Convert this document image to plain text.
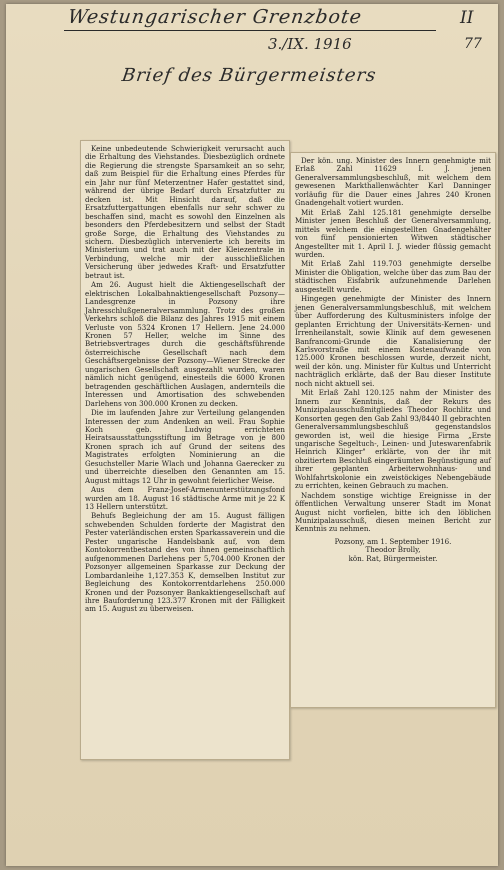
Westungarischer Grenzbote	II
3./IX. 1916	77
Brief des Bürgermeisters

Keine unbedeutende Schwierigkeit verursacht auch die Erhaltung des Viehstandes. Diesbezüglich ordnete die Regierung die strengste Sparsamkeit an so sehr, daß zum Beispiel für die Erhaltung eines Pferdes für ein Jahr nur fünf Meterzentner Hafer gestattet sind, während der übrige Bedarf durch Ersatzfutter zu decken ist. Mit Hinsicht darauf, daß die Ersatzfuttergattungen ebenfalls nur sehr schwer zu beschaffen sind, macht es sowohl den Einzelnen als besonders den Pferdebesitzern und selbst der Stadt große Sorge, die Erhaltung des Viehstandes zu sichern. Diesbezüglich intervenierte ich bereits im Ministerium und trat auch mit der Kleiezentrale in Verbindung, welche mir der ausschließlichen Versicherung über jedwedes Kraft- und Ersatzfutter betraut ist.

Am 26. August hielt die Aktiengesellschaft der elektrischen Lokalbahnaktiengesellschaft Pozsony—Landesgrenze in Pozsony ihre Jahresschlußgeneralversammlung. Trotz des großen Verkehrs schloß die Bilanz des Jahres 1915 mit einem Verluste von 5324 Kronen 17 Hellern. Jene 24.000 Kronen 57 Heller, welche im Sinne des Betriebsvertrages durch die geschäftsführende österreichische Gesellschaft nach dem Geschäftsergebnisse der Pozsony—Wiener Strecke der ungarischen Gesellschaft ausgezahlt wurden, waren nämlich nicht genügend, einesteils die 6000 Kronen betragenden geschäftlichen Auslagen, andernteils die Interessen und Amortisation des schwebenden Darlehens von 300.000 Kronen zu decken.

Die im laufenden Jahre zur Verteilung gelangenden Interessen der zum Andenken an weil. Frau Sophie Koch geb. Ludwig errichteten Heiratsausstattungsstiftung im Betrage von je 800 Kronen sprach ich auf Grund der seitens des Magistrates erfolgten Nominierung an die Gesuchsteller Marie Wlach und Johanna Gaerecker zu und überreichte dieselben den Genannten am 15. August mittags 12 Uhr in gewohnt feierlicher Weise.

Aus dem Franz-Josef-Armenunterstützungsfond wurden am 18. August 16 städtische Arme mit je 22 K 13 Hellern unterstützt.

Behufs Begleichung der am 15. August fälligen schwebenden Schulden forderte der Magistrat den Pester vaterländischen ersten Sparkassaverein und die Pester ungarische Handelsbank auf, von dem Kontokorrentbestand des von ihnen gemeinschaftlich aufgenommenen Darlehens per 5,704.000 Kronen der Pozsonyer allgemeinen Sparkasse zur Deckung der Lombardanleihe 1,127.353 K, demselben Institut zur Begleichung des Kontokorrentdarlehens 250.000 Kronen und der Pozsonyer Bankaktiengesellschaft auf ihre Bauforderung 123.377 Kronen mit der Fälligkeit am 15. August zu überweisen.

Der kön. ung. Minister des Innern genehmigte mit Erlaß Zahl 11629 I. J. jenen Generalversammlungsbeschluß, mit welchem dem gewesenen Markthallenwächter Karl Danninger vorläufig für die Dauer eines Jahres 240 Kronen Gnadengehalt votiert wurden.

Mit Erlaß Zahl 125.181 genehmigte derselbe Minister jenen Beschluß der Generalversammlung, mittels welchem die eingestellten Gnadengehälter von fünf pensionierten Witwen städtischer Angestellter mit 1. April I. J. wieder flüssig gemacht wurden.

Mit Erlaß Zahl 119.703 genehmigte derselbe Minister die Obligation, welche über das zum Bau der städtischen Eisfabrik aufzunehmende Darlehen ausgestellt wurde.

Hingegen genehmigte der Minister des Innern jenen Generalversammlungsbeschluß, mit welchem über Aufforderung des Kultusministers infolge der geplanten Errichtung der Universitäts-Kernen- und Irrenheilanstalt, sowie Klinik auf dem gewesenen Banfrancomi-Grunde die Kanalisierung der Karlsvorstraße mit einem Kostenaufwande von 125.000 Kronen beschlossen wurde, derzeit nicht, weil der kön. ung. Minister für Kultus und Unterricht nachträglich erklärte, daß der Bau dieser Institute noch nicht aktuell sei.

Mit Erlaß Zahl 120.125 nahm der Minister des Innern zur Kenntnis, daß der Rekurs des Munizipalausschußmitgliedes Theodor Rochlitz und Konsorten gegen den Gab Zahl 93/8440 II gebrachten Generalversammlungsbeschluß gegenstandslos geworden ist, weil die hiesige Firma „Erste ungarische Segeltuch-, Leinen- und Juteswarenfabrik Heinrich Klinger" erklärte, von der ihr mit obzitiertem Beschluß eingeräumten Begünstigung auf ihrer geplanten Arbeiterwohnhaus- und Wohlfahrtskolonie ein zweistöckiges Nebengebäude zu errichten, keinen Gebrauch zu machen.

Nachdem sonstige wichtige Ereignisse in der öffentlichen Verwaltung unserer Stadt im Monat August nicht vorfielen, bitte ich den löblichen Munizipalausschuß, diesen meinen Bericht zur Kenntnis zu nehmen.

Pozsony, am 1. September 1916.
Theodor Brolly,
kön. Rat, Bürgermeister.
